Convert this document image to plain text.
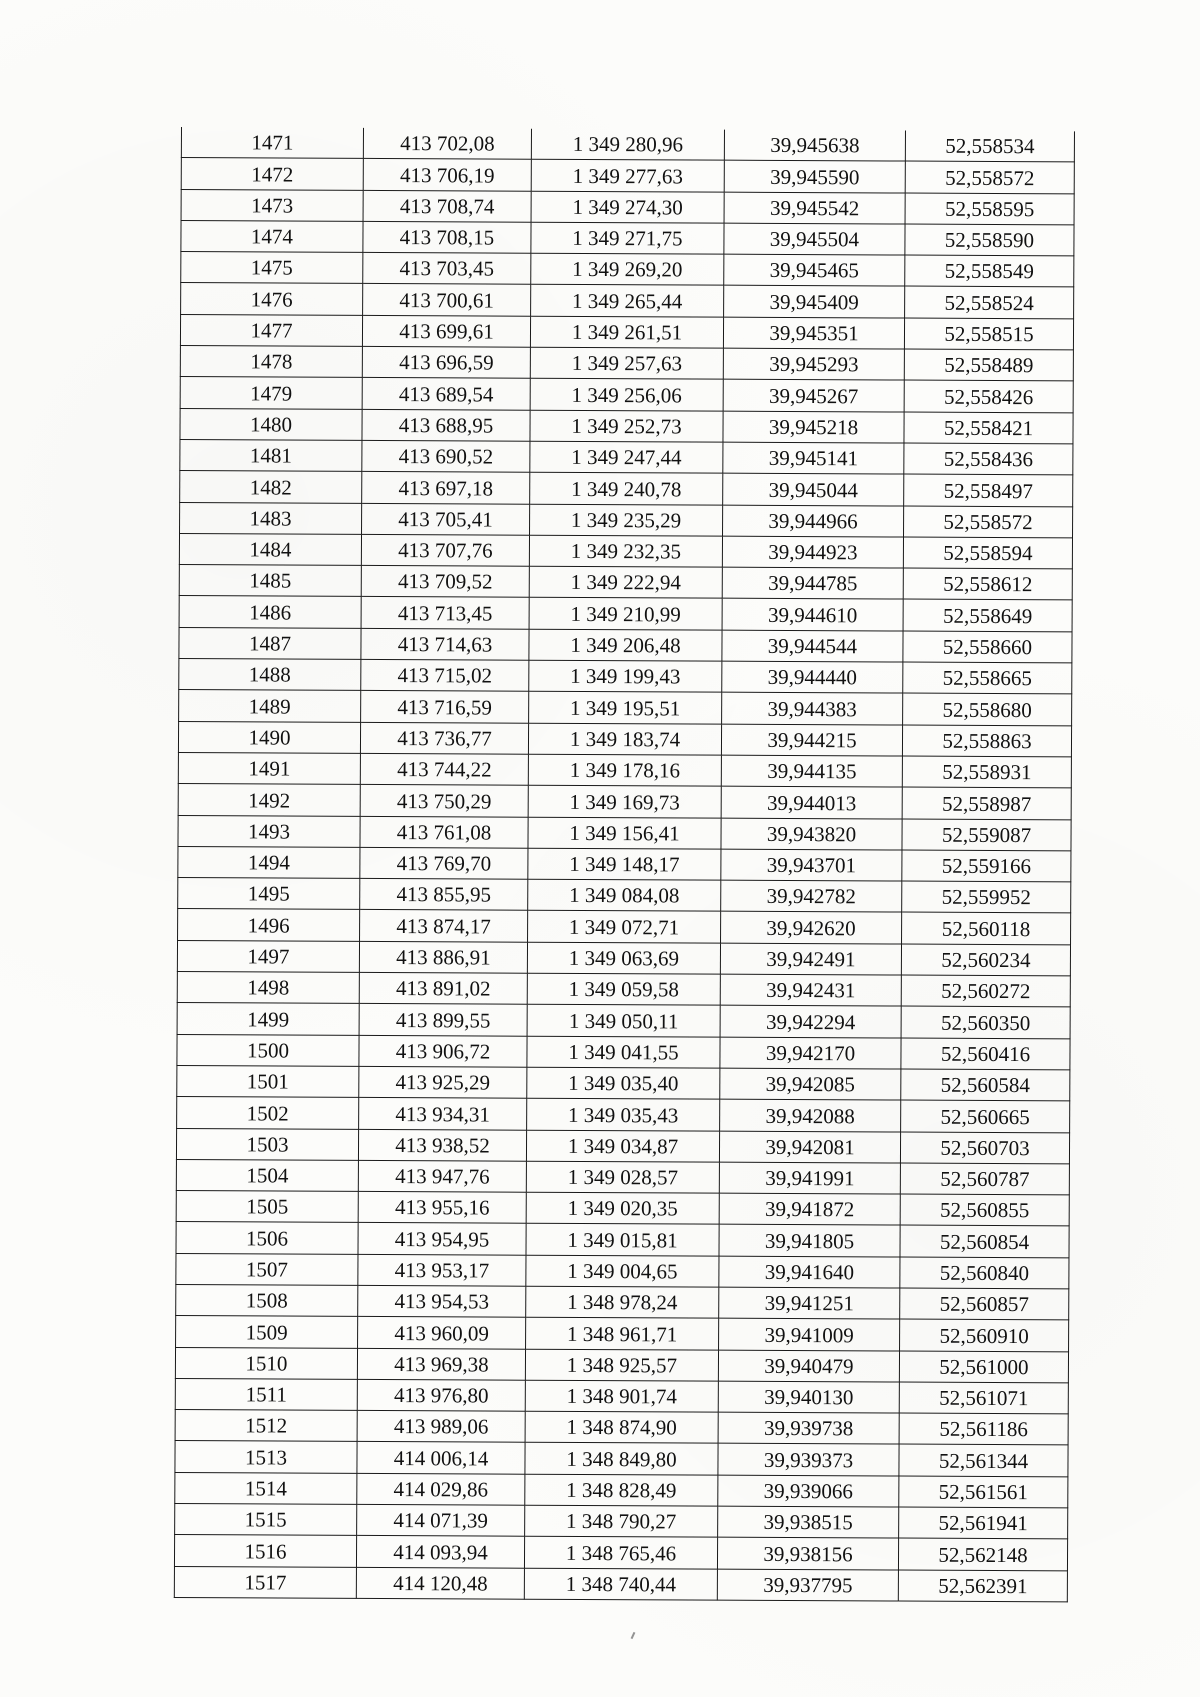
1471	413 702,08	1 349 280,96	39,945638	52,558534
1472	413 706,19	1 349 277,63	39,945590	52,558572
1473	413 708,74	1 349 274,30	39,945542	52,558595
1474	413 708,15	1 349 271,75	39,945504	52,558590
1475	413 703,45	1 349 269,20	39,945465	52,558549
1476	413 700,61	1 349 265,44	39,945409	52,558524
1477	413 699,61	1 349 261,51	39,945351	52,558515
1478	413 696,59	1 349 257,63	39,945293	52,558489
1479	413 689,54	1 349 256,06	39,945267	52,558426
1480	413 688,95	1 349 252,73	39,945218	52,558421
1481	413 690,52	1 349 247,44	39,945141	52,558436
1482	413 697,18	1 349 240,78	39,945044	52,558497
1483	413 705,41	1 349 235,29	39,944966	52,558572
1484	413 707,76	1 349 232,35	39,944923	52,558594
1485	413 709,52	1 349 222,94	39,944785	52,558612
1486	413 713,45	1 349 210,99	39,944610	52,558649
1487	413 714,63	1 349 206,48	39,944544	52,558660
1488	413 715,02	1 349 199,43	39,944440	52,558665
1489	413 716,59	1 349 195,51	39,944383	52,558680
1490	413 736,77	1 349 183,74	39,944215	52,558863
1491	413 744,22	1 349 178,16	39,944135	52,558931
1492	413 750,29	1 349 169,73	39,944013	52,558987
1493	413 761,08	1 349 156,41	39,943820	52,559087
1494	413 769,70	1 349 148,17	39,943701	52,559166
1495	413 855,95	1 349 084,08	39,942782	52,559952
1496	413 874,17	1 349 072,71	39,942620	52,560118
1497	413 886,91	1 349 063,69	39,942491	52,560234
1498	413 891,02	1 349 059,58	39,942431	52,560272
1499	413 899,55	1 349 050,11	39,942294	52,560350
1500	413 906,72	1 349 041,55	39,942170	52,560416
1501	413 925,29	1 349 035,40	39,942085	52,560584
1502	413 934,31	1 349 035,43	39,942088	52,560665
1503	413 938,52	1 349 034,87	39,942081	52,560703
1504	413 947,76	1 349 028,57	39,941991	52,560787
1505	413 955,16	1 349 020,35	39,941872	52,560855
1506	413 954,95	1 349 015,81	39,941805	52,560854
1507	413 953,17	1 349 004,65	39,941640	52,560840
1508	413 954,53	1 348 978,24	39,941251	52,560857
1509	413 960,09	1 348 961,71	39,941009	52,560910
1510	413 969,38	1 348 925,57	39,940479	52,561000
1511	413 976,80	1 348 901,74	39,940130	52,561071
1512	413 989,06	1 348 874,90	39,939738	52,561186
1513	414 006,14	1 348 849,80	39,939373	52,561344
1514	414 029,86	1 348 828,49	39,939066	52,561561
1515	414 071,39	1 348 790,27	39,938515	52,561941
1516	414 093,94	1 348 765,46	39,938156	52,562148
1517	414 120,48	1 348 740,44	39,937795	52,562391
